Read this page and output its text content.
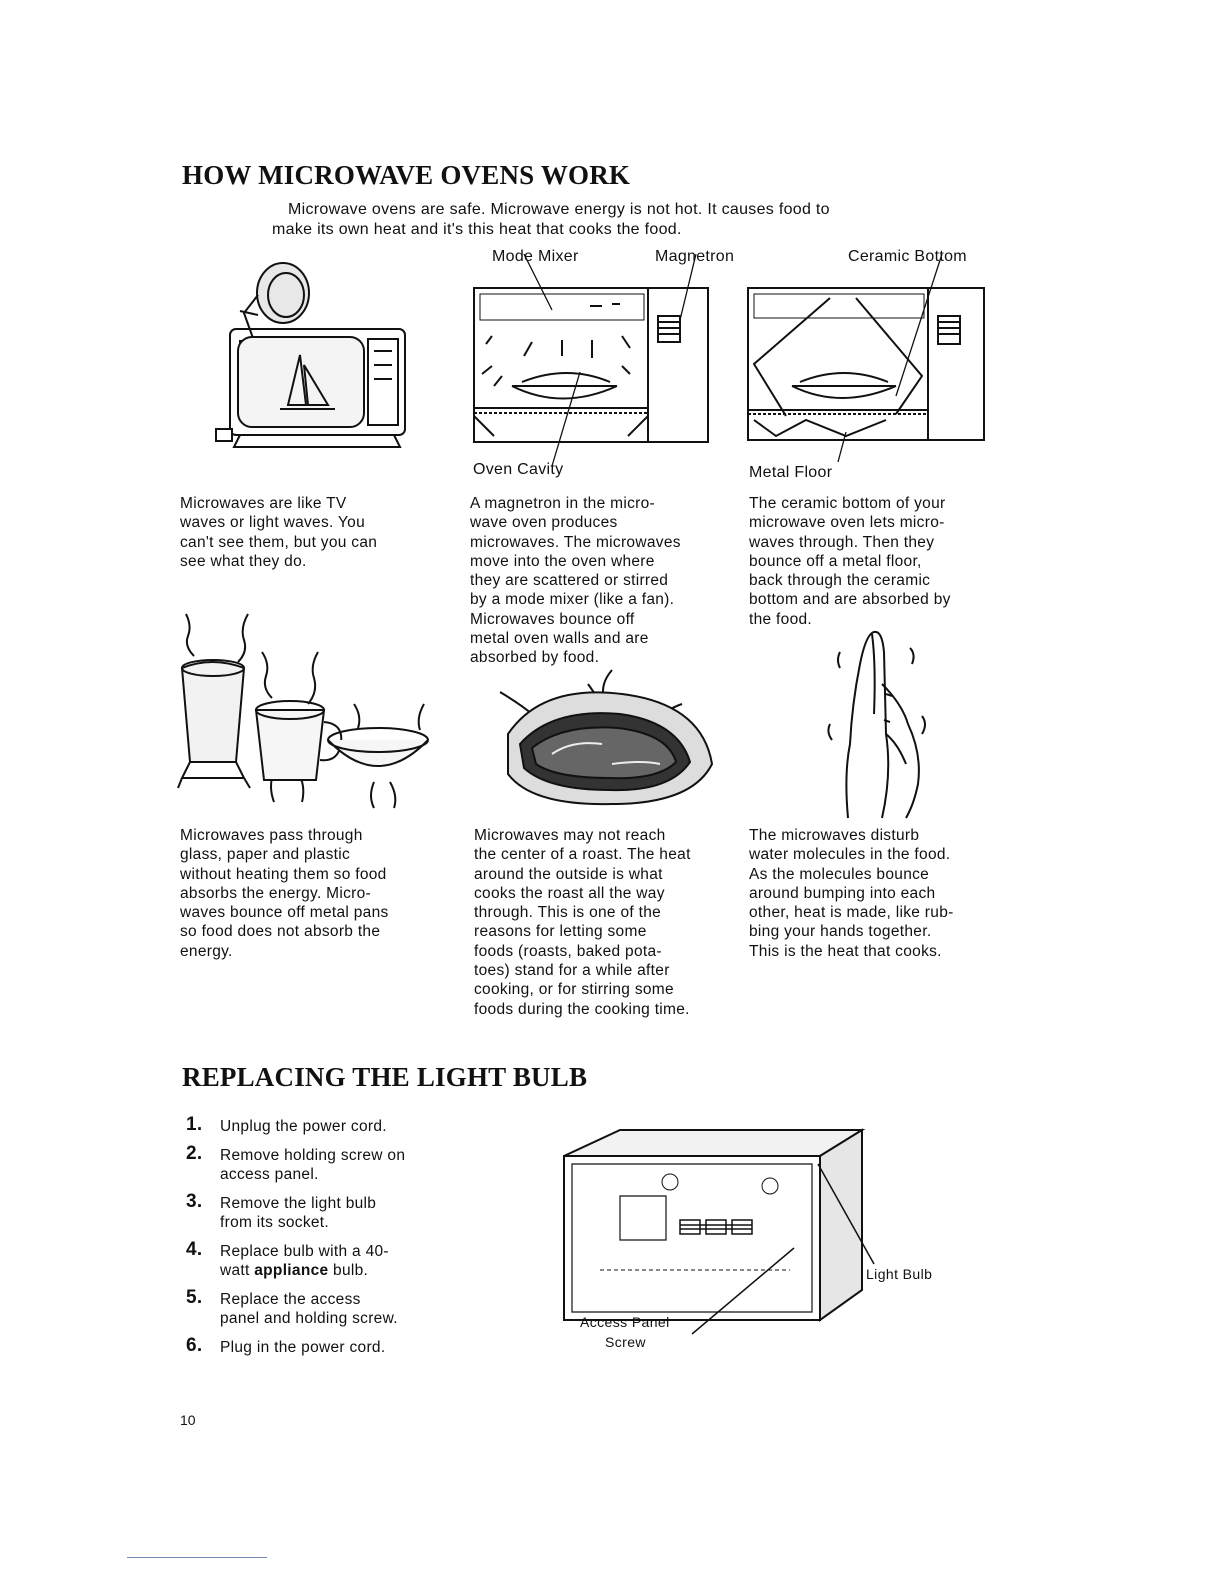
HOW MICROWAVE OVENS WORK
Microwave ovens are safe. Microwave energy is not hot. It causes food to
make its own heat and it's this heat that cooks the food.
Mode Mixer	Magnetron	Ceramic Bottom
Oven Cavity	Metal Floor
Microwaves are like TV
waves or light waves. You
can't see them, but you can
see what they do.
A magnetron in the micro-
wave oven produces
microwaves. The microwaves
move into the oven where
they are scattered or stirred
by a mode mixer (like a fan).
Microwaves bounce off
metal oven walls and are
absorbed by food.
The ceramic bottom of your
microwave oven lets micro-
waves through. Then they
bounce off a metal floor,
back through the ceramic
bottom and are absorbed by
the food.
Microwaves pass through
glass, paper and plastic
without heating them so food
absorbs the energy. Micro-
waves bounce off metal pans
so food does not absorb the
energy.
Microwaves may not reach
the center of a roast. The heat
around the outside is what
cooks the roast all the way
through. This is one of the
reasons for letting some
foods (roasts, baked pota-
toes) stand for a while after
cooking, or for stirring some
foods during the cooking time.
The microwaves disturb
water molecules in the food.
As the molecules bounce
around bumping into each
other, heat is made, like rub-
bing your hands together.
This is the heat that cooks.
REPLACING THE LIGHT BULB
1. Unplug the power cord.
2. Remove holding screw on
access panel.
3. Remove the light bulb
from its socket.
4. Replace bulb with a 40-
watt appliance bulb.
5. Replace the access
panel and holding screw.
6. Plug in the power cord.
Light Bulb
Access Panel
Screw
10
